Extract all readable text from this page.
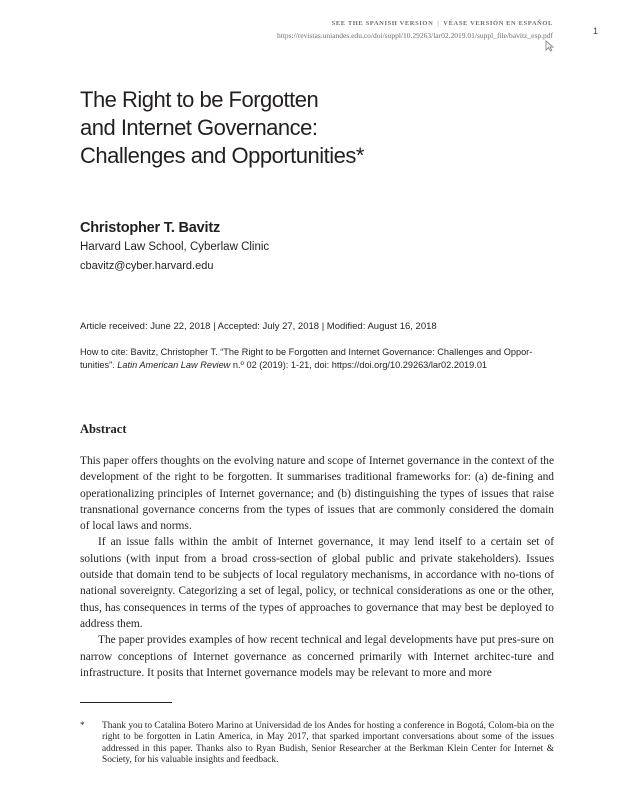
SEE THE SPANISH VERSION | VÉASE VERSIÓN EN ESPAÑOL
https://revistas.uniandes.edu.co/doi/suppl/10.29263/lar02.2019.01/suppl_file/bavitz_esp.pdf	1
The Right to be Forgotten
and Internet Governance:
Challenges and Opportunities*
Christopher T. Bavitz
Harvard Law School, Cyberlaw Clinic
cbavitz@cyber.harvard.edu
Article received: June 22, 2018 | Accepted: July 27, 2018 | Modified: August 16, 2018
How to cite: Bavitz, Christopher T. “The Right to be Forgotten and Internet Governance: Challenges and Oppor-tunities”. Latin American Law Review n.º 02 (2019): 1-21, doi: https://doi.org/10.29263/lar02.2019.01
Abstract

This paper offers thoughts on the evolving nature and scope of Internet governance in the context of the development of the right to be forgotten. It summarises traditional frameworks for: (a) de-fining and operationalizing principles of Internet governance; and (b) distinguishing the types of issues that raise transnational governance concerns from the types of issues that are commonly considered the domain of local laws and norms.

If an issue falls within the ambit of Internet governance, it may lend itself to a certain set of solutions (with input from a broad cross-section of global public and private stakeholders). Issues outside that domain tend to be subjects of local regulatory mechanisms, in accordance with no-tions of national sovereignty. Categorizing a set of legal, policy, or technical considerations as one or the other, thus, has consequences in terms of the types of approaches to governance that may best be deployed to address them.

The paper provides examples of how recent technical and legal developments have put pres-sure on narrow conceptions of Internet governance as concerned primarily with Internet architec-ture and infrastructure. It posits that Internet governance models may be relevant to more and more

* Thank you to Catalina Botero Marino at Universidad de los Andes for hosting a conference in Bogotá, Colom-bia on the right to be forgotten in Latin America, in May 2017, that sparked important conversations about some of the issues addressed in this paper. Thanks also to Ryan Budish, Senior Researcher at the Berkman Klein Center for Internet & Society, for his valuable insights and feedback.
